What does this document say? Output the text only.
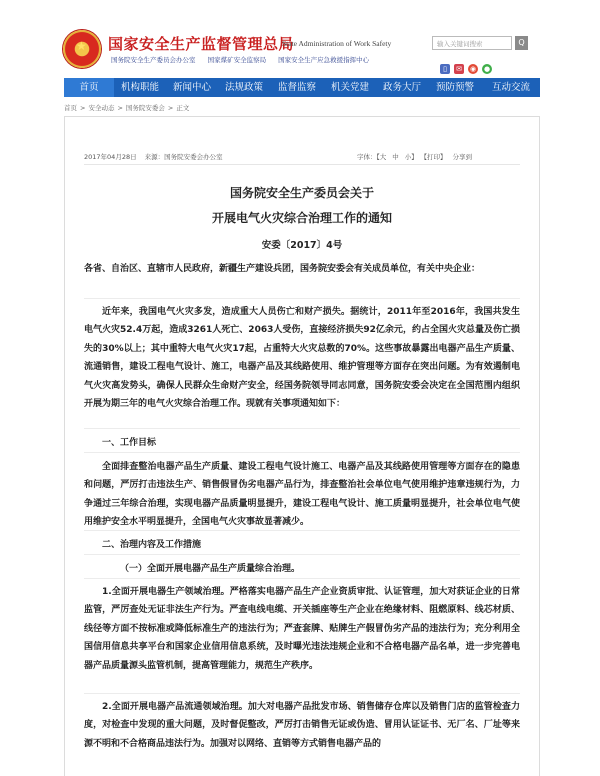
★ 国家安全生产监督管理总局
State Administration of Work Safety
国务院安全生产委员会办公室 国家煤矿安全监察局 国家安全生产应急救援指挥中心
输入关键词搜索	Q
▯ ✉ ◉ ●
首页	机构职能	新闻中心	法规政策	监督监察	机关党建	政务大厅	预防预警	互动交流
首页 > 安全动态 > 国务院安委会 > 正文
2017年04月28日 来源：国务院安委会办公室	字体：【大 中 小】 【打印】 分享到
国务院安全生产委员会关于
开展电气火灾综合治理工作的通知
安委〔2017〕4号

各省、自治区、直辖市人民政府，新疆生产建设兵团，国务院安委会有关成员单位，有关中央企业：

近年来，我国电气火灾多发，造成重大人员伤亡和财产损失。据统计，2011年至2016年，我国共发生电气火灾52.4万起，造成3261人死亡、2063人受伤，直接经济损失92亿余元，约占全国火灾总量及伤亡损失的30%以上；其中重特大电气火灾17起，占重特大火灾总数的70%。这些事故暴露出电器产品生产质量、流通销售，建设工程电气设计、施工，电器产品及其线路使用、维护管理等方面存在突出问题。为有效遏制电气火灾高发势头，确保人民群众生命财产安全，经国务院领导同志同意，国务院安委会决定在全国范围内组织开展为期三年的电气火灾综合治理工作。现就有关事项通知如下：

一、工作目标

全面排查整治电器产品生产质量、建设工程电气设计施工、电器产品及其线路使用管理等方面存在的隐患和问题，严厉打击违法生产、销售假冒伪劣电器产品行为，排查整治社会单位电气使用维护违章违规行为，力争通过三年综合治理，实现电器产品质量明显提升，建设工程电气设计、施工质量明显提升，社会单位电气使用维护安全水平明显提升，全国电气火灾事故显著减少。

二、治理内容及工作措施
（一）全面开展电器产品生产质量综合治理。

1.全面开展电器生产领域治理。严格落实电器产品生产企业资质审批、认证管理，加大对获证企业的日常监管，严厉查处无证非法生产行为。严查电线电缆、开关插座等生产企业在绝缘材料、阻燃原料、线芯材质、线径等方面不按标准或降低标准生产的违法行为；严查套牌、贴牌生产假冒伪劣产品的违法行为；充分利用全国信用信息共享平台和国家企业信用信息系统，及时曝光违法违规企业和不合格电器产品名单，进一步完善电器产品质量源头监管机制，提高管理能力，规范生产秩序。

2.全面开展电器产品流通领域治理。加大对电器产品批发市场、销售储存仓库以及销售门店的监管检查力度，对检查中发现的重大问题，及时督促整改，严厉打击销售无证或伪造、冒用认证证书、无厂名、厂址等来源不明和不合格商品违法行为。加强对以网络、直销等方式销售电器产品的
